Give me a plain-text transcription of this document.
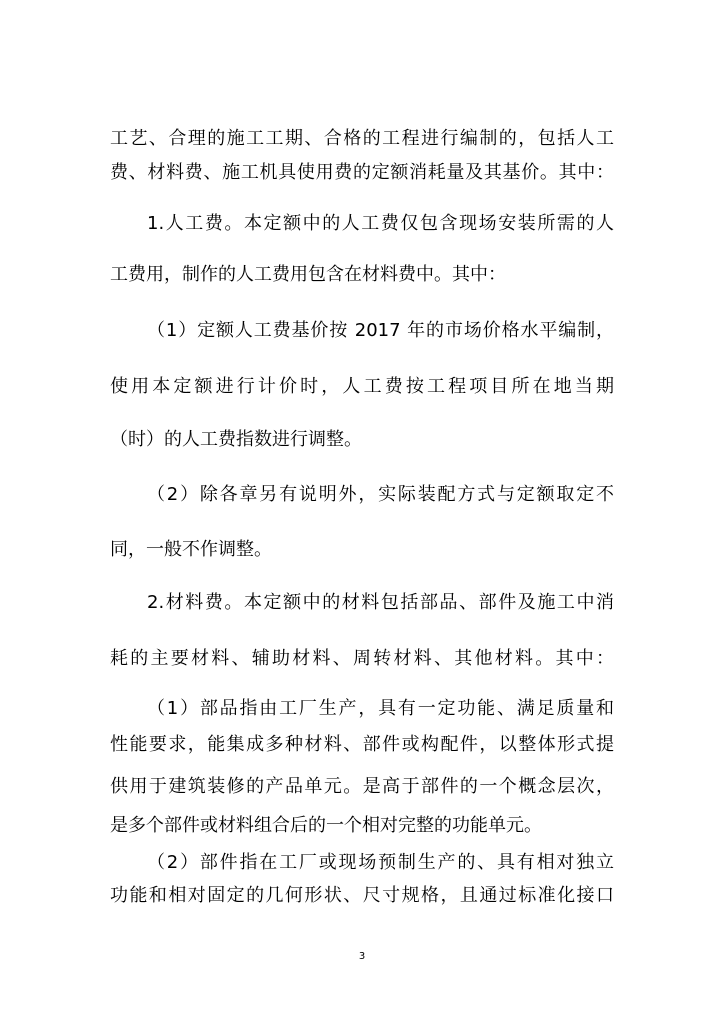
工艺、合理的施工工期、合格的工程进行编制的，包括人工
费、材料费、施工机具使用费的定额消耗量及其基价。其中：
1.人工费。本定额中的人工费仅包含现场安装所需的人
工费用，制作的人工费用包含在材料费中。其中：
（1）定额人工费基价按 2017 年的市场价格水平编制，
使用本定额进行计价时，人工费按工程项目所在地当期
（时）的人工费指数进行调整。
（2）除各章另有说明外，实际装配方式与定额取定不
同，一般不作调整。
2.材料费。本定额中的材料包括部品、部件及施工中消
耗的主要材料、辅助材料、周转材料、其他材料。其中：
（1）部品指由工厂生产，具有一定功能、满足质量和
性能要求，能集成多种材料、部件或构配件，以整体形式提
供用于建筑装修的产品单元。是高于部件的一个概念层次，
是多个部件或材料组合后的一个相对完整的功能单元。
（2）部件指在工厂或现场预制生产的、具有相对独立
功能和相对固定的几何形状、尺寸规格，且通过标准化接口
3
